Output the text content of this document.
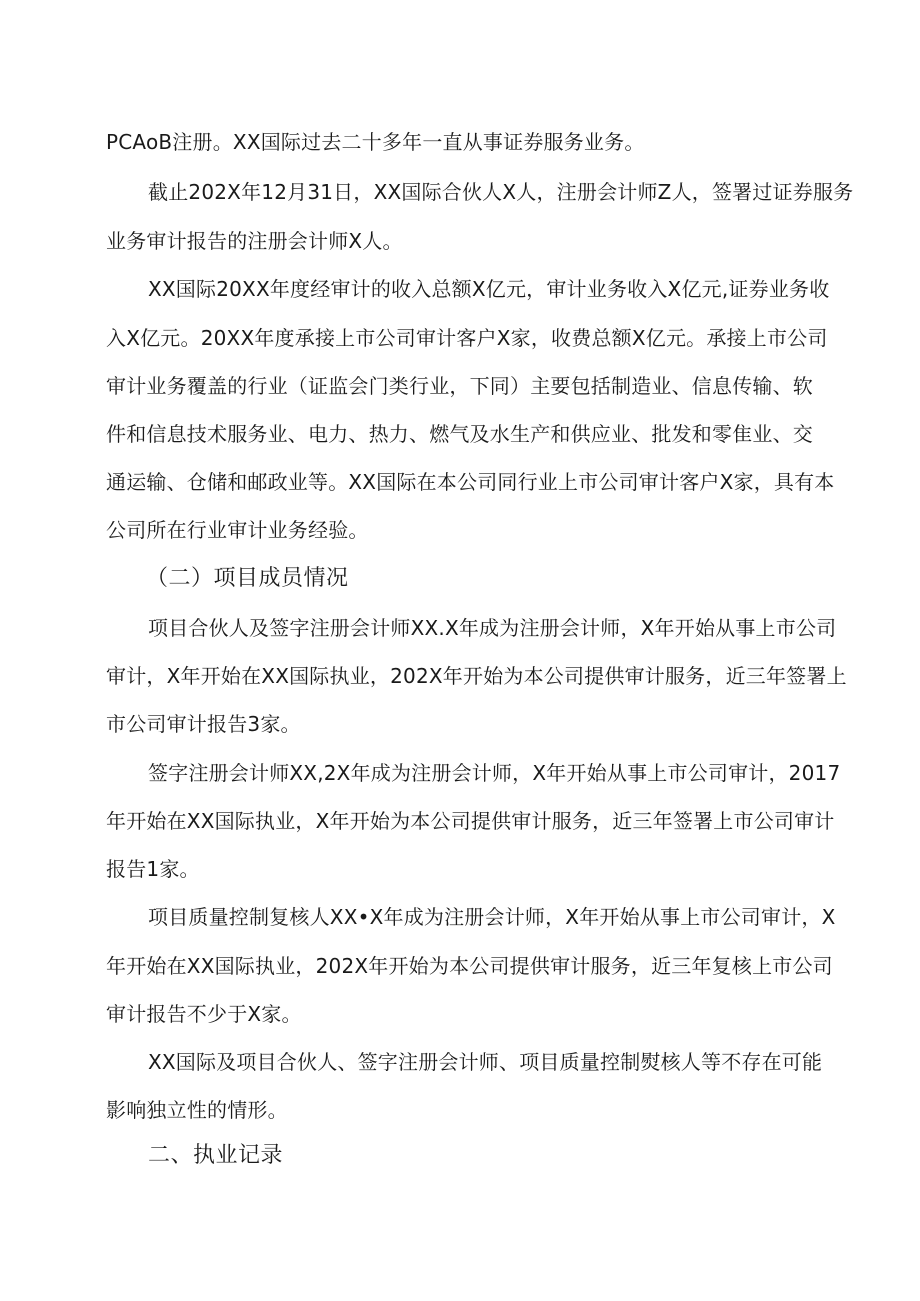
PCAoB注册。XX国际过去二十多年一直从事证券服务业务。
截止202X年12月31日，XX国际合伙人X人，注册会计师Z人，签署过证券服务
业务审计报告的注册会计师X人。
XX国际20XX年度经审计的收入总额X亿元，审计业务收入X亿元,证券业务收
入X亿元。20XX年度承接上市公司审计客户X家，收费总额X亿元。承接上市公司
审计业务覆盖的行业（证监会门类行业，下同）主要包括制造业、信息传输、软
件和信息技术服务业、电力、热力、燃气及水生产和供应业、批发和零隹业、交
通运输、仓储和邮政业等。XX国际在本公司同行业上市公司审计客户X家，具有本
公司所在行业审计业务经验。
（二）项目成员情况
项目合伙人及签字注册会计师XX.X年成为注册会计师，X年开始从事上市公司
审计，X年开始在XX国际执业，202X年开始为本公司提供审计服务，近三年签署上
市公司审计报告3家。
签字注册会计师XX,2X年成为注册会计师，X年开始从事上市公司审计，2017
年开始在XX国际执业，X年开始为本公司提供审计服务，近三年签署上市公司审计
报告1家。
项目质量控制复核人XX•X年成为注册会计师，X年开始从事上市公司审计，X
年开始在XX国际执业，202X年开始为本公司提供审计服务，近三年复核上市公司
审计报告不少于X家。
XX国际及项目合伙人、签字注册会计师、项目质量控制熨核人等不存在可能
影响独立性的情形。
二、执业记录
